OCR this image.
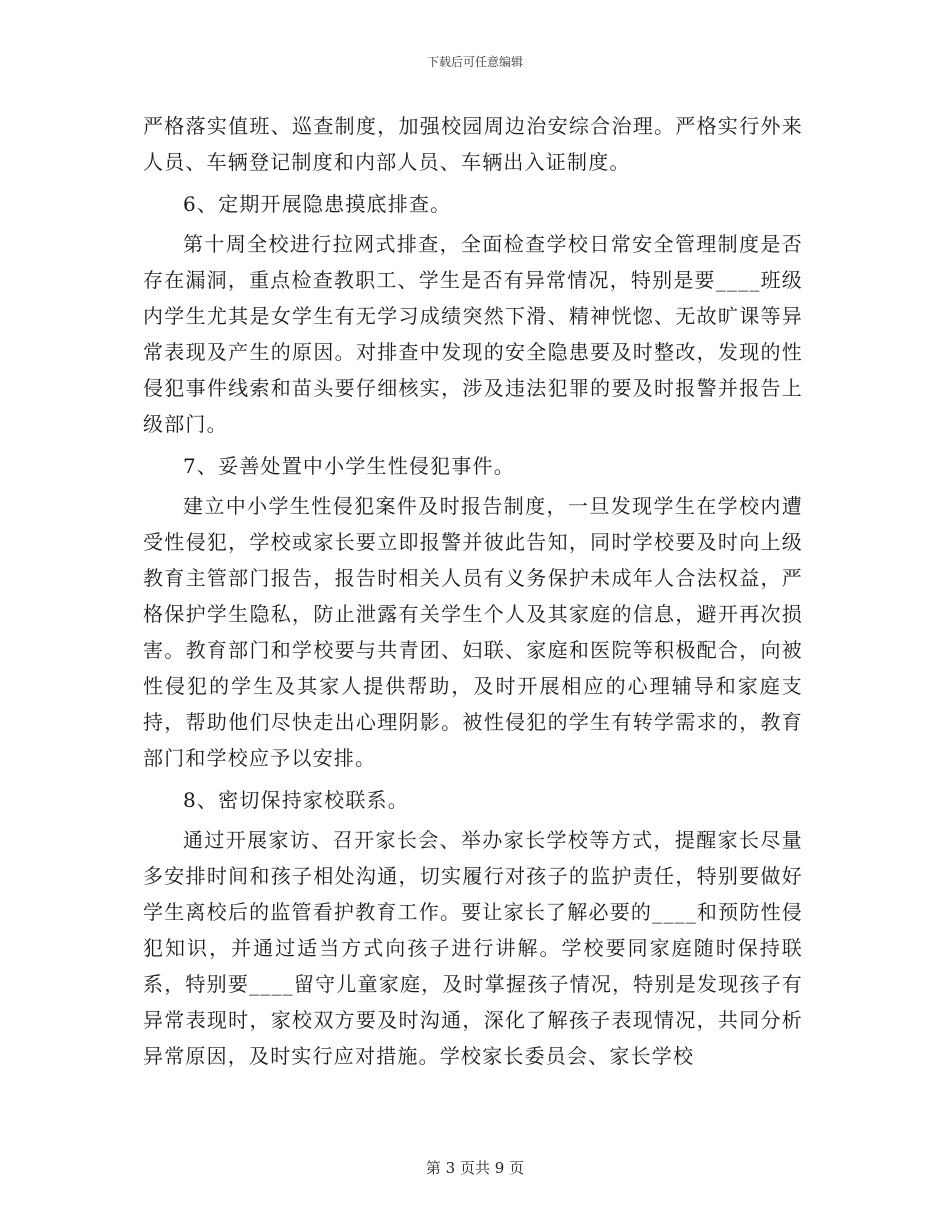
下载后可任意编辑

严格落实值班、巡查制度，加强校园周边治安综合治理。严格实行外来人员、车辆登记制度和内部人员、车辆出入证制度。

6、定期开展隐患摸底排查。

第十周全校进行拉网式排查，全面检查学校日常安全管理制度是否存在漏洞，重点检查教职工、学生是否有异常情况，特别是要____班级内学生尤其是女学生有无学习成绩突然下滑、精神恍惚、无故旷课等异常表现及产生的原因。对排查中发现的安全隐患要及时整改，发现的性侵犯事件线索和苗头要仔细核实，涉及违法犯罪的要及时报警并报告上级部门。

7、妥善处置中小学生性侵犯事件。

建立中小学生性侵犯案件及时报告制度，一旦发现学生在学校内遭受性侵犯，学校或家长要立即报警并彼此告知，同时学校要及时向上级教育主管部门报告，报告时相关人员有义务保护未成年人合法权益，严格保护学生隐私，防止泄露有关学生个人及其家庭的信息，避开再次损害。教育部门和学校要与共青团、妇联、家庭和医院等积极配合，向被性侵犯的学生及其家人提供帮助，及时开展相应的心理辅导和家庭支持，帮助他们尽快走出心理阴影。被性侵犯的学生有转学需求的，教育部门和学校应予以安排。

8、密切保持家校联系。

通过开展家访、召开家长会、举办家长学校等方式，提醒家长尽量多安排时间和孩子相处沟通，切实履行对孩子的监护责任，特别要做好学生离校后的监管看护教育工作。要让家长了解必要的____和预防性侵犯知识，并通过适当方式向孩子进行讲解。学校要同家庭随时保持联系，特别要____留守儿童家庭，及时掌握孩子情况，特别是发现孩子有异常表现时，家校双方要及时沟通，深化了解孩子表现情况，共同分析异常原因，及时实行应对措施。学校家长委员会、家长学校

第 3 页共 9 页
